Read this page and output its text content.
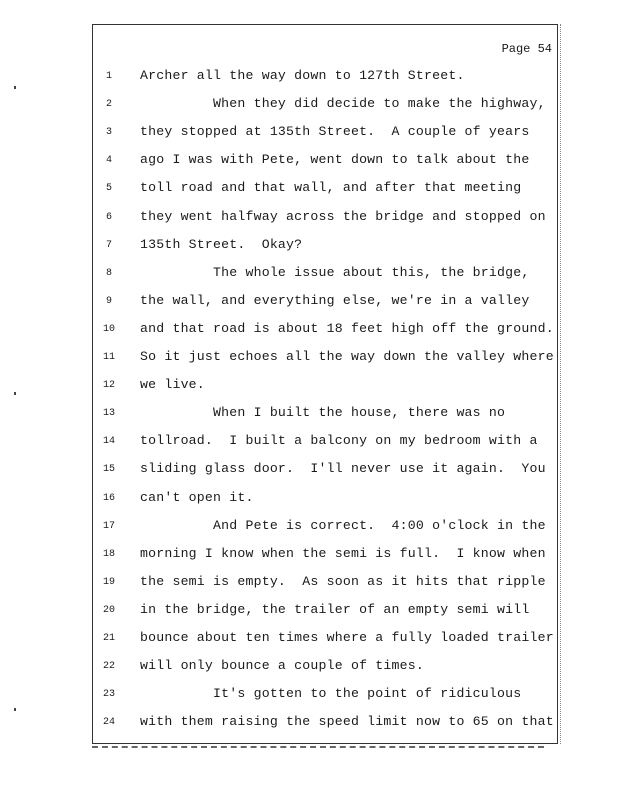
Page 54
1	Archer all the way down to 127th Street.
2	When they did decide to make the highway,
3	they stopped at 135th Street.  A couple of years
4	ago I was with Pete, went down to talk about the
5	toll road and that wall, and after that meeting
6	they went halfway across the bridge and stopped on
7	135th Street.  Okay?
8	The whole issue about this, the bridge,
9	the wall, and everything else, we're in a valley
10	and that road is about 18 feet high off the ground.
11	So it just echoes all the way down the valley where
12	we live.
13	When I built the house, there was no
14	tollroad.  I built a balcony on my bedroom with a
15	sliding glass door.  I'll never use it again.  You
16	can't open it.
17	And Pete is correct.  4:00 o'clock in the
18	morning I know when the semi is full.  I know when
19	the semi is empty.  As soon as it hits that ripple
20	in the bridge, the trailer of an empty semi will
21	bounce about ten times where a fully loaded trailer
22	will only bounce a couple of times.
23	It's gotten to the point of ridiculous
24	with them raising the speed limit now to 65 on that
